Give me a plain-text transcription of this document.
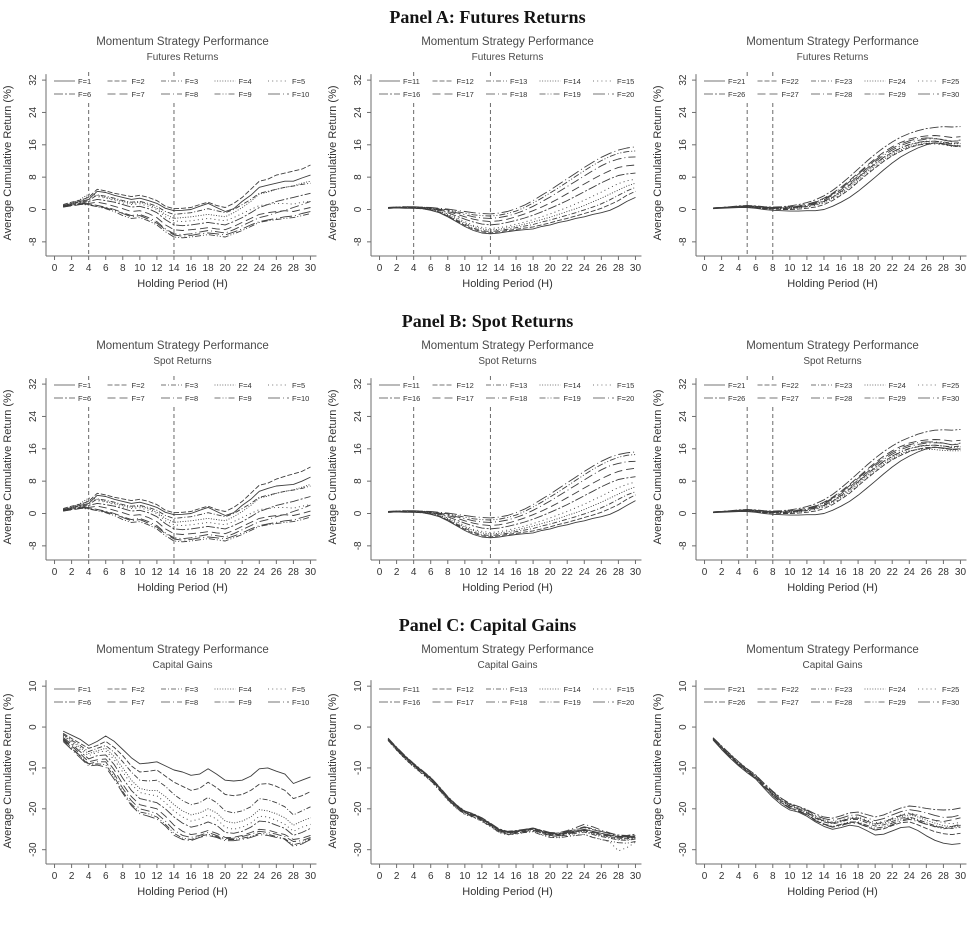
Panel A: Futures Returns
Momentum Strategy Performance
Futures Returns
Average Cumulative Return (%)
-8
0
8
16
24
32
0 2 4 6 8 10 12 14 16 18 20 22 24 26 28 30
Holding Period (H)
F=1	F=2	F=3	F=4	F=5
F=6	F=7	F=8	F=9	F=10
Momentum Strategy Performance
Futures Returns
Average Cumulative Return (%)
-8
0
8
16
24
32
0 2 4 6 8 10 12 14 16 18 20 22 24 26 28 30
Holding Period (H)
F=11	F=12	F=13	F=14	F=15
F=16	F=17	F=18	F=19	F=20
Momentum Strategy Performance
Futures Returns
Average Cumulative Return (%)
-8
0
8
16
24
32
0 2 4 6 8 10 12 14 16 18 20 22 24 26 28 30
Holding Period (H)
F=21	F=22	F=23	F=24	F=25
F=26	F=27	F=28	F=29	F=30
Panel B: Spot Returns
Momentum Strategy Performance
Spot Returns
Average Cumulative Return (%)
-8
0
8
16
24
32
0 2 4 6 8 10 12 14 16 18 20 22 24 26 28 30
Holding Period (H)
F=1	F=2	F=3	F=4	F=5
F=6	F=7	F=8	F=9	F=10
Momentum Strategy Performance
Spot Returns
Average Cumulative Return (%)
-8
0
8
16
24
32
0 2 4 6 8 10 12 14 16 18 20 22 24 26 28 30
Holding Period (H)
F=11	F=12	F=13	F=14	F=15
F=16	F=17	F=18	F=19	F=20
Momentum Strategy Performance
Spot Returns
Average Cumulative Return (%)
-8
0
8
16
24
32
0 2 4 6 8 10 12 14 16 18 20 22 24 26 28 30
Holding Period (H)
F=21	F=22	F=23	F=24	F=25
F=26	F=27	F=28	F=29	F=30
Panel C: Capital Gains
Momentum Strategy Performance
Capital Gains
Average Cumulative Return (%)
-30
-20
-10
0
10
0 2 4 6 8 10 12 14 16 18 20 22 24 26 28 30
Holding Period (H)
F=1	F=2	F=3	F=4	F=5
F=6	F=7	F=8	F=9	F=10
Momentum Strategy Performance
Capital Gains
Average Cumulative Return (%)
-30
-20
-10
0
10
0 2 4 6 8 10 12 14 16 18 20 22 24 26 28 30
Holding Period (H)
F=11	F=12	F=13	F=14	F=15
F=16	F=17	F=18	F=19	F=20
Momentum Strategy Performance
Capital Gains
Average Cumulative Return (%)
-30
-20
-10
0
10
0 2 4 6 8 10 12 14 16 18 20 22 24 26 28 30
Holding Period (H)
F=21	F=22	F=23	F=24	F=25
F=26	F=27	F=28	F=29	F=30
